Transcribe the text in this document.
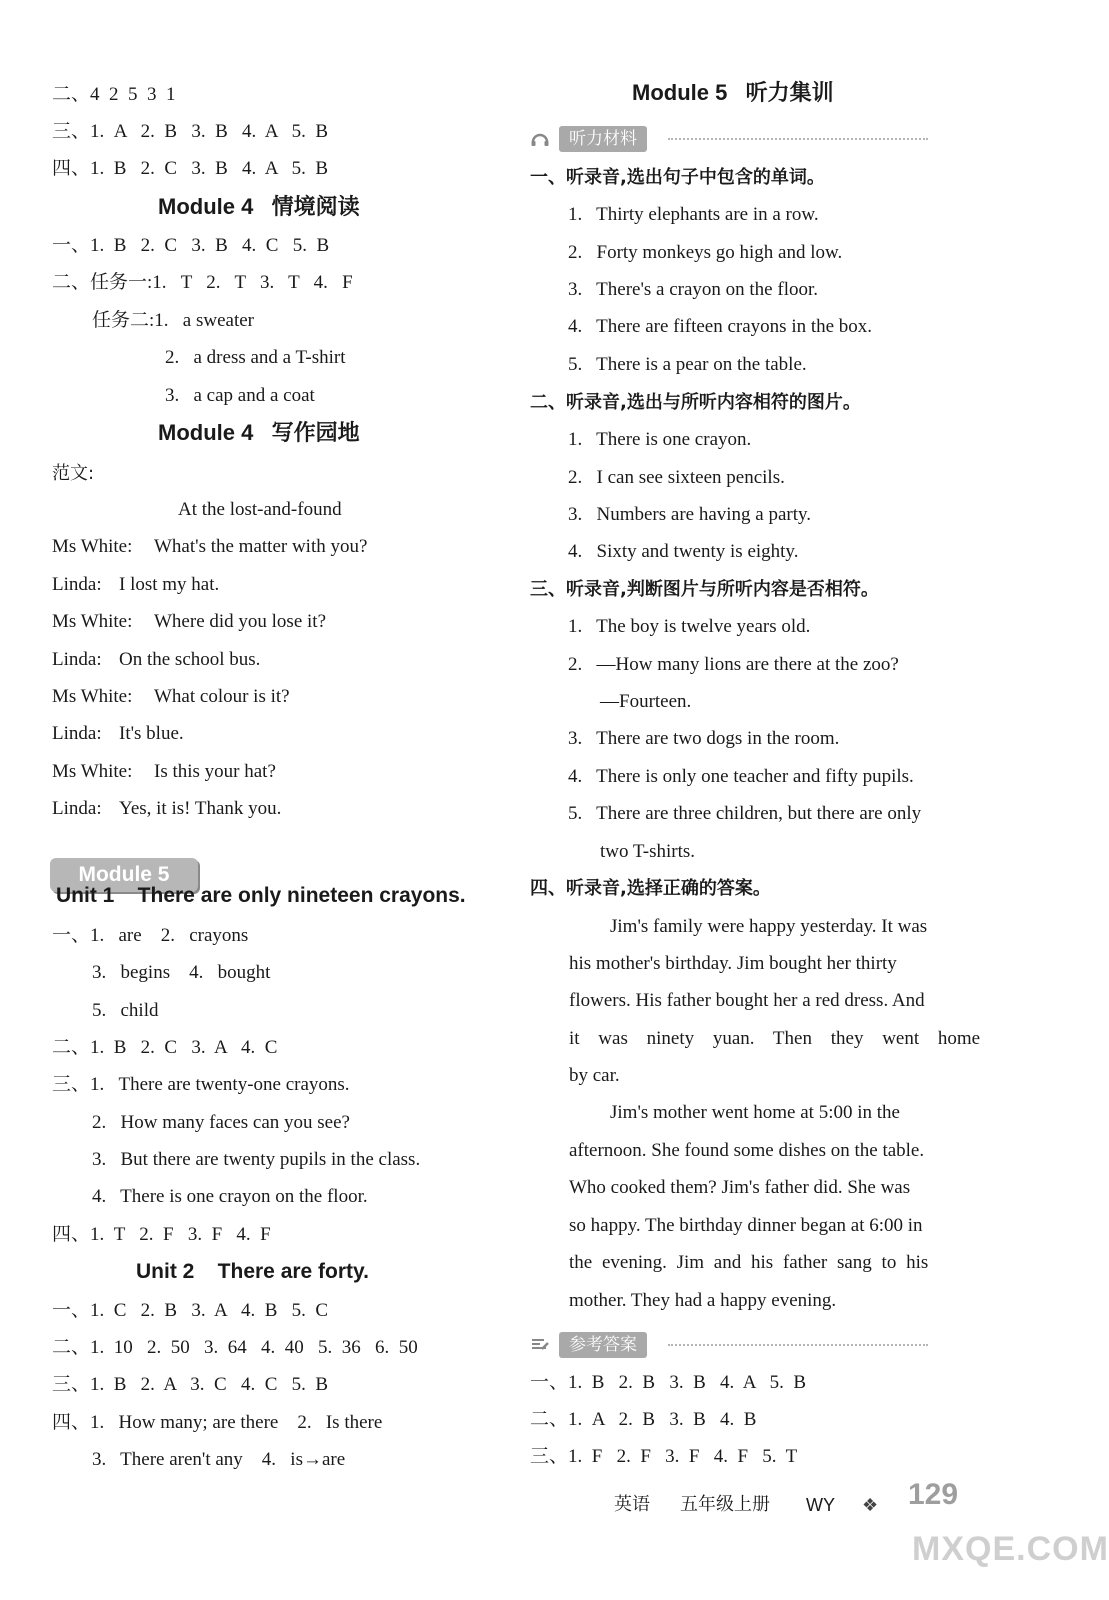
二、4  2  5  3  1
三、1.  A   2.  B   3.  B   4.  A   5.  B
四、1.  B   2.  C   3.  B   4.  A   5.  B
Module 4   情境阅读
一、1.  B   2.  C   3.  B   4.  C   5.  B
二、任务一:1.   T   2.   T   3.   T   4.   F
任务二:1.   a sweater
2.   a dress and a T-shirt
3.   a cap and a coat
Module 4   写作园地
范文:
At the lost-and-found
Ms White: What's the matter with you?
Linda: I lost my hat.
Ms White: Where did you lose it?
Linda: On the school bus.
Ms White: What colour is it?
Linda: It's blue.
Ms White: Is this your hat?
Linda: Yes, it is! Thank you.
Module 5
Unit 1    There are only nineteen crayons.
一、1.   are    2.   crayons
3.   begins    4.   bought
5.   child
二、1.  B   2.  C   3.  A   4.  C
三、1.   There are twenty-one crayons.
2.   How many faces can you see?
3.   But there are twenty pupils in the class.
4.   There is one crayon on the floor.
四、1.  T   2.  F   3.  F   4.  F
Unit 2    There are forty.
一、1.  C   2.  B   3.  A   4.  B   5.  C
二、1.  10   2.  50   3.  64   4.  40   5.  36   6.  50
三、1.  B   2.  A   3.  C   4.  C   5.  B
四、1.   How many; are there    2.   Is there
3.   There aren't any    4.   is→are
Module 5   听力集训
听力材料
一、听录音,选出句子中包含的单词。
1.   Thirty elephants are in a row.
2.   Forty monkeys go high and low.
3.   There's a crayon on the floor.
4.   There are fifteen crayons in the box.
5.   There is a pear on the table.
二、听录音,选出与所听内容相符的图片。
1.   There is one crayon.
2.   I can see sixteen pencils.
3.   Numbers are having a party.
4.   Sixty and twenty is eighty.
三、听录音,判断图片与所听内容是否相符。
1.   The boy is twelve years old.
2.   —How many lions are there at the zoo?
—Fourteen.
3.   There are two dogs in the room.
4.   There is only one teacher and fifty pupils.
5.   There are three children, but there are only
two T-shirts.
四、听录音,选择正确的答案。
Jim's family were happy yesterday. It was
his mother's birthday. Jim bought her thirty
flowers. His father bought her a red dress. And
it was ninety yuan. Then they went home
by car.
Jim's mother went home at 5:00 in the
afternoon. She found some dishes on the table.
Who cooked them? Jim's father did. She was
so happy. The birthday dinner began at 6:00 in
the evening. Jim and his father sang to his
mother. They had a happy evening.
参考答案
一、1.  B   2.  B   3.  B   4.  A   5.  B
二、1.  A   2.  B   3.  B   4.  B
三、1.  F   2.  F   3.  F   4.  F   5.  T
英语 五年级上册 WY ❖ 129
MXQE.COM
